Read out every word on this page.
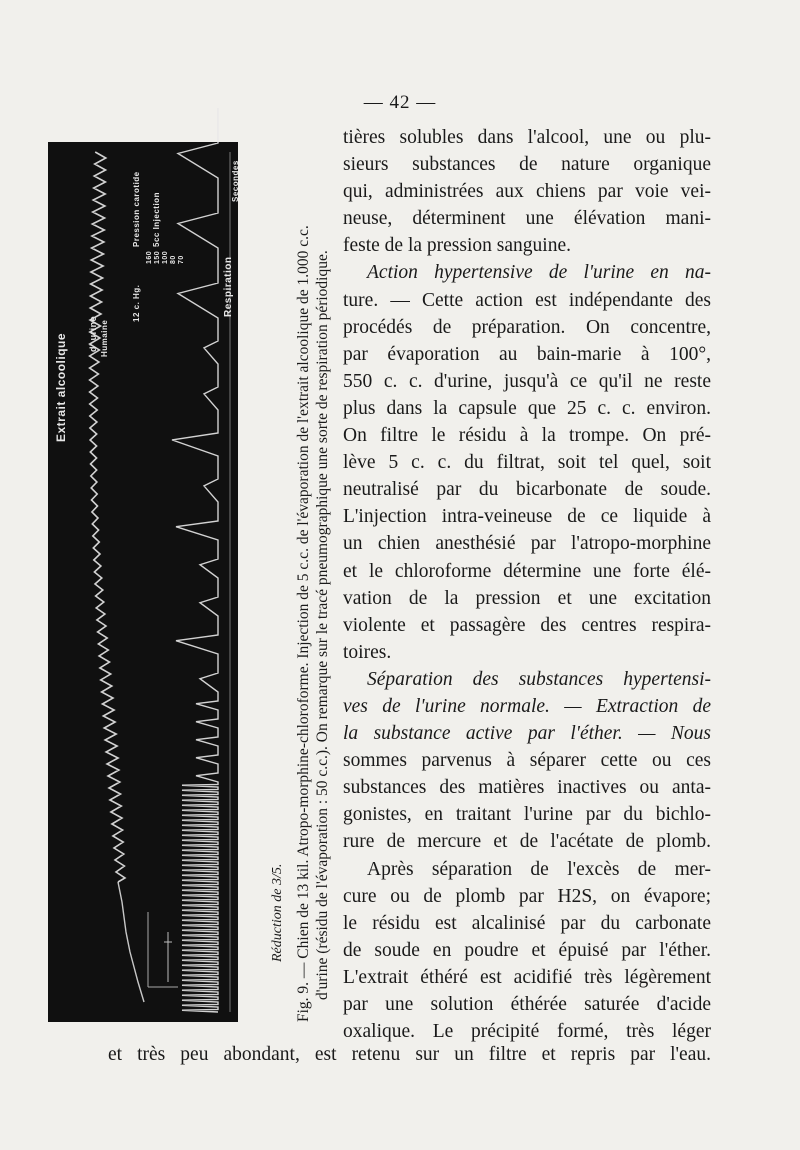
— 42 —
Extrait alcoolique d' urine Humaine
Pression carotide
12 c. Hg.
5cc Injection
Respiration
Secondes
160 150 100 80 70
Réduction de 3/5. Fig. 9. — Chien de 13 kil. Atropo-morphine-chloroforme. Injection de 5 c.c. de l'évaporation de l'extrait alcoolique de 1.000 c.c. d'urine (résidu de l'évaporation : 50 c.c.). On remarque sur le tracé pneumographique une sorte de respiration périodique.
tières solubles dans l'alcool, une ou plu-
sieurs substances de nature organique
qui, administrées aux chiens par voie vei-
neuse, déterminent une élévation mani-
feste de la pression sanguine.
Action hypertensive de l'urine en na-
ture. — Cette action est indépendante des
procédés de préparation. On concentre,
par évaporation au bain-marie à 100°,
550 c. c. d'urine, jusqu'à ce qu'il ne reste
plus dans la capsule que 25 c. c. environ.
On filtre le résidu à la trompe. On pré-
lève 5 c. c. du filtrat, soit tel quel, soit
neutralisé par du bicarbonate de soude.
L'injection intra-veineuse de ce liquide à
un chien anesthésié par l'atropo-morphine
et le chloroforme détermine une forte élé-
vation de la pression et une excitation
violente et passagère des centres respira-
toires.
Séparation des substances hypertensi-
ves de l'urine normale. — Extraction de
la substance active par l'éther. — Nous
sommes parvenus à séparer cette ou ces
substances des matières inactives ou anta-
gonistes, en traitant l'urine par du bichlo-
rure de mercure et de l'acétate de plomb.
Après séparation de l'excès de mer-
cure ou de plomb par H2S, on évapore;
le résidu est alcalinisé par du carbonate
de soude en poudre et épuisé par l'éther.
L'extrait éthéré est acidifié très légèrement
par une solution éthérée saturée d'acide
oxalique. Le précipité formé, très léger
et très peu abondant, est retenu sur un filtre et repris par l'eau.
